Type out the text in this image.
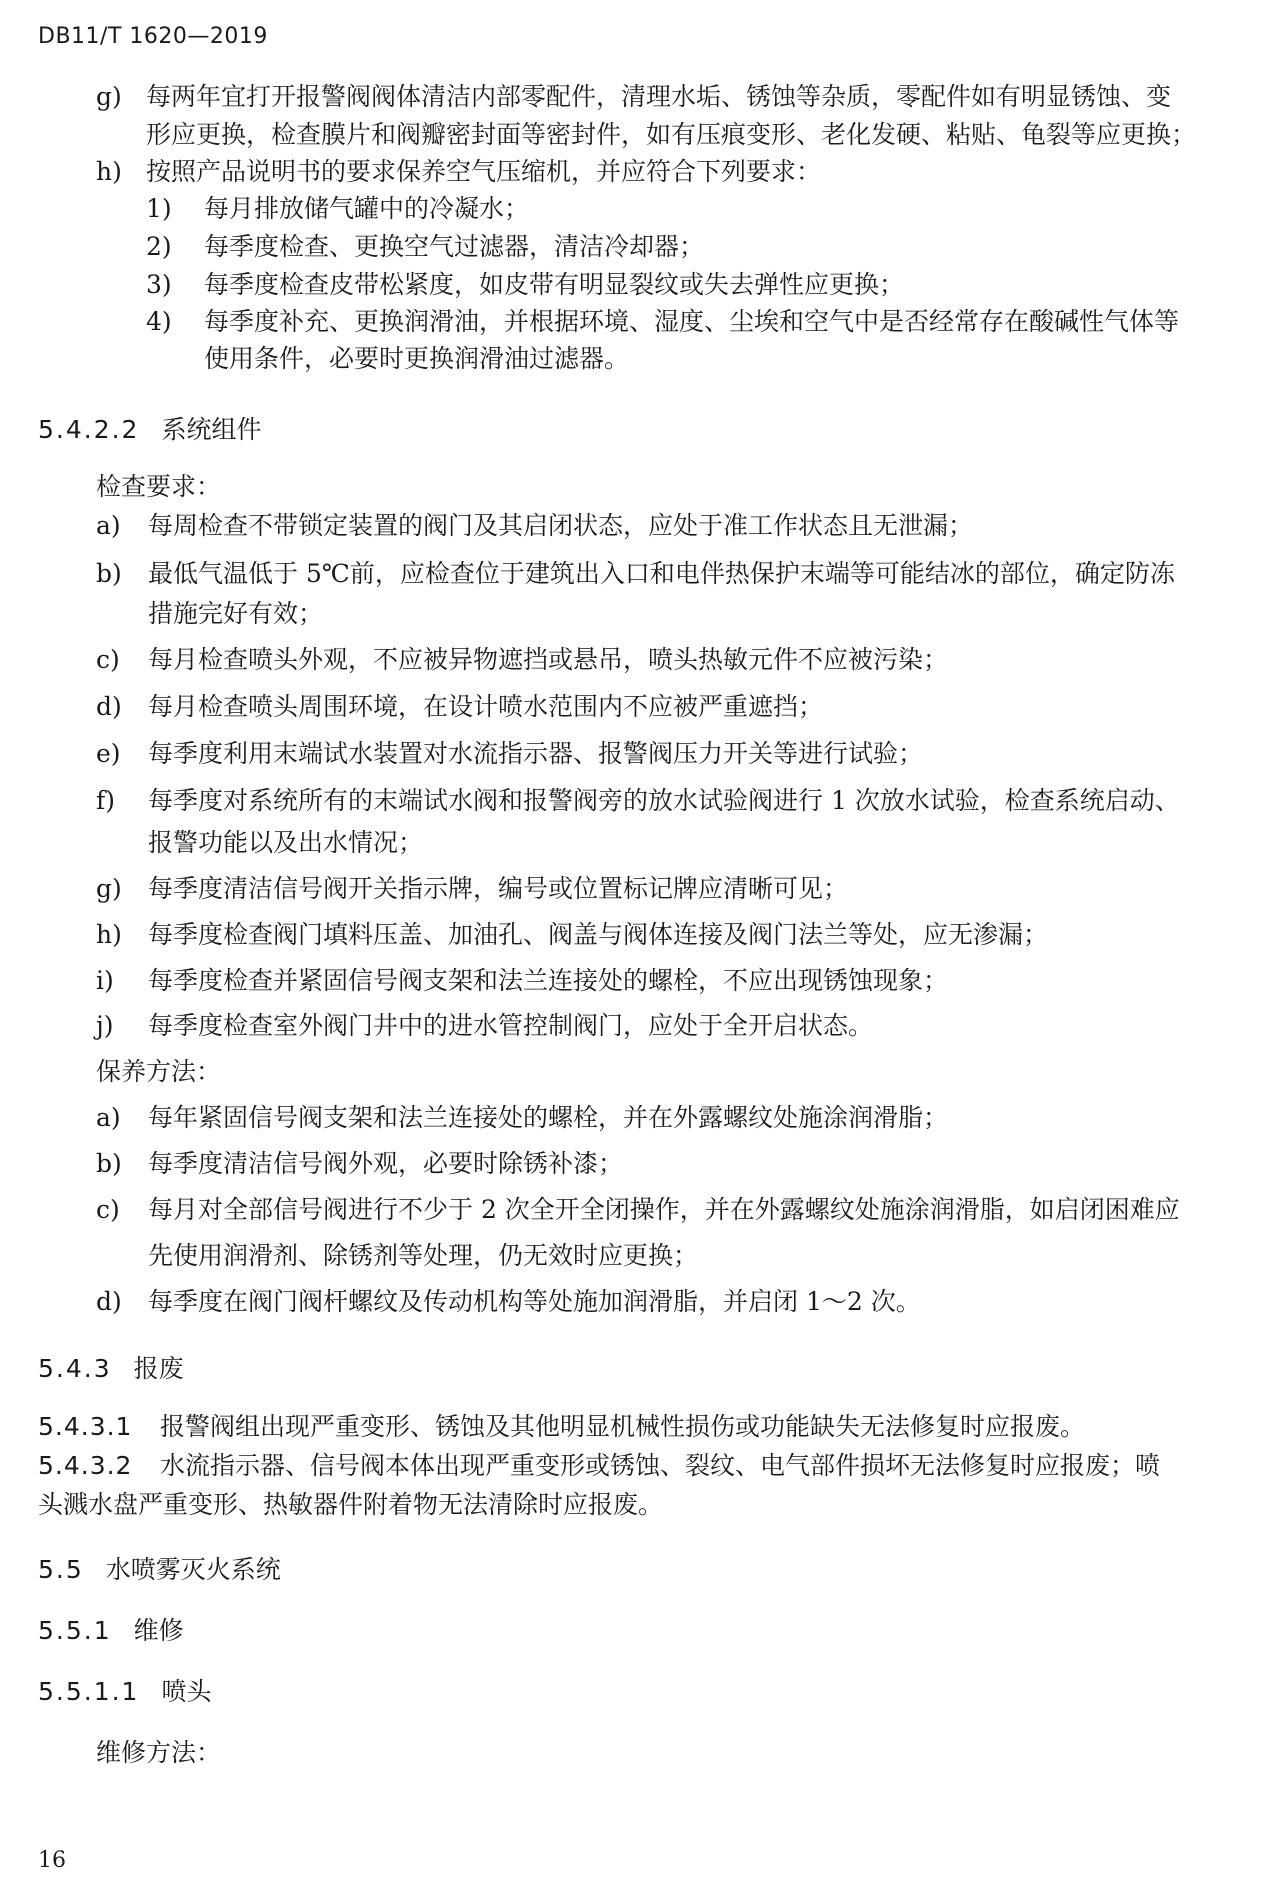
DB11/T 1620—2019
g) 每两年宜打开报警阀阀体清洁内部零配件，清理水垢、锈蚀等杂质，零配件如有明显锈蚀、变
形应更换，检查膜片和阀瓣密封面等密封件，如有压痕变形、老化发硬、粘贴、龟裂等应更换；
h) 按照产品说明书的要求保养空气压缩机，并应符合下列要求：
1) 每月排放储气罐中的冷凝水；
2) 每季度检查、更换空气过滤器，清洁冷却器；
3) 每季度检查皮带松紧度，如皮带有明显裂纹或失去弹性应更换；
4) 每季度补充、更换润滑油，并根据环境、湿度、尘埃和空气中是否经常存在酸碱性气体等
使用条件，必要时更换润滑油过滤器。
5.4.2.2 系统组件
检查要求：
a) 每周检查不带锁定装置的阀门及其启闭状态，应处于准工作状态且无泄漏；
b) 最低气温低于 5℃前，应检查位于建筑出入口和电伴热保护末端等可能结冰的部位，确定防冻
措施完好有效；
c) 每月检查喷头外观，不应被异物遮挡或悬吊，喷头热敏元件不应被污染；
d) 每月检查喷头周围环境，在设计喷水范围内不应被严重遮挡；
e) 每季度利用末端试水装置对水流指示器、报警阀压力开关等进行试验；
f) 每季度对系统所有的末端试水阀和报警阀旁的放水试验阀进行 1 次放水试验，检查系统启动、
报警功能以及出水情况；
g) 每季度清洁信号阀开关指示牌，编号或位置标记牌应清晰可见；
h) 每季度检查阀门填料压盖、加油孔、阀盖与阀体连接及阀门法兰等处，应无渗漏；
i) 每季度检查并紧固信号阀支架和法兰连接处的螺栓，不应出现锈蚀现象；
j) 每季度检查室外阀门井中的进水管控制阀门，应处于全开启状态。
保养方法：
a) 每年紧固信号阀支架和法兰连接处的螺栓，并在外露螺纹处施涂润滑脂；
b) 每季度清洁信号阀外观，必要时除锈补漆；
c) 每月对全部信号阀进行不少于 2 次全开全闭操作，并在外露螺纹处施涂润滑脂，如启闭困难应
先使用润滑剂、除锈剂等处理，仍无效时应更换；
d) 每季度在阀门阀杆螺纹及传动机构等处施加润滑脂，并启闭 1～2 次。
5.4.3 报废
5.4.3.1 报警阀组出现严重变形、锈蚀及其他明显机械性损伤或功能缺失无法修复时应报废。
5.4.3.2 水流指示器、信号阀本体出现严重变形或锈蚀、裂纹、电气部件损坏无法修复时应报废；喷
头溅水盘严重变形、热敏器件附着物无法清除时应报废。
5.5 水喷雾灭火系统
5.5.1 维修
5.5.1.1 喷头
维修方法：
16
